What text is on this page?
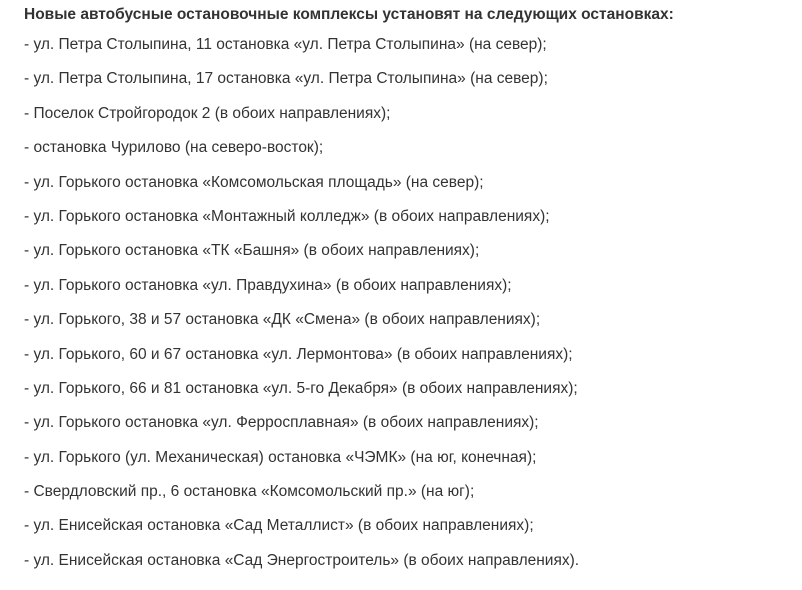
Новые автобусные остановочные комплексы установят на следующих остановках:

- ул. Петра Столыпина, 11 остановка «ул. Петра Столыпина» (на север);
- ул. Петра Столыпина, 17 остановка «ул. Петра Столыпина» (на север);
- Поселок Стройгородок 2 (в обоих направлениях);
- остановка Чурилово (на северо-восток);
- ул. Горького остановка «Комсомольская площадь» (на север);
- ул. Горького остановка «Монтажный колледж» (в обоих направлениях);
- ул. Горького остановка «ТК «Башня» (в обоих направлениях);
- ул. Горького остановка «ул. Правдухина» (в обоих направлениях);
- ул. Горького, 38 и 57 остановка «ДК «Смена» (в обоих направлениях);
- ул. Горького, 60 и 67 остановка «ул. Лермонтова» (в обоих направлениях);
- ул. Горького, 66 и 81 остановка «ул. 5-го Декабря» (в обоих направлениях);
- ул. Горького остановка «ул. Ферросплавная» (в обоих направлениях);
- ул. Горького (ул. Механическая) остановка «ЧЭМК» (на юг, конечная);
- Свердловский пр., 6 остановка «Комсомольский пр.» (на юг);
- ул. Енисейская остановка «Сад Металлист» (в обоих направлениях);
- ул. Енисейская остановка «Сад Энергостроитель» (в обоих направлениях).
